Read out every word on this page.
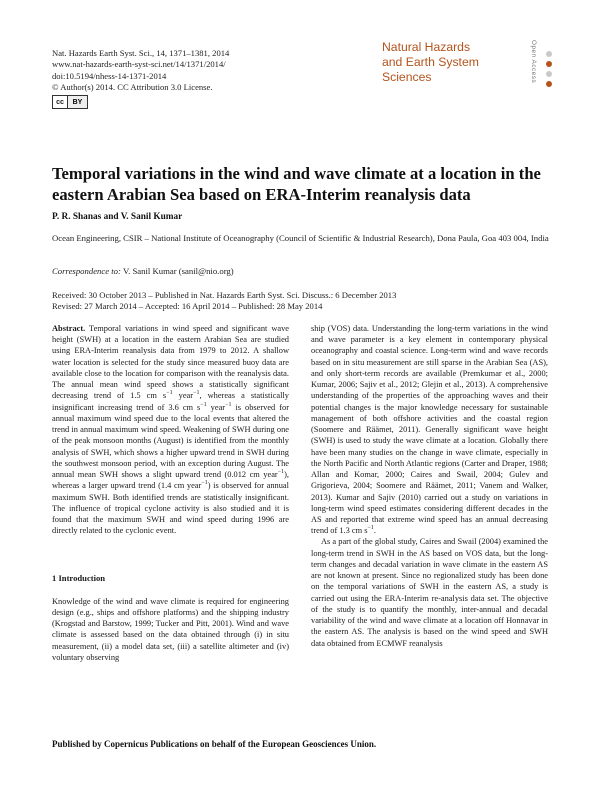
Nat. Hazards Earth Syst. Sci., 14, 1371–1381, 2014
www.nat-hazards-earth-syst-sci.net/14/1371/2014/
doi:10.5194/nhess-14-1371-2014
© Author(s) 2014. CC Attribution 3.0 License.
cc	BY
Natural Hazards
and Earth System
Sciences	Open Access
Temporal variations in the wind and wave climate at a location in the eastern Arabian Sea based on ERA-Interim reanalysis data
P. R. Shanas and V. Sanil Kumar
Ocean Engineering, CSIR – National Institute of Oceanography (Council of Scientific & Industrial Research), Dona Paula, Goa 403 004, India
Correspondence to: V. Sanil Kumar (sanil@nio.org)
Received: 30 October 2013 – Published in Nat. Hazards Earth Syst. Sci. Discuss.: 6 December 2013
Revised: 27 March 2014 – Accepted: 16 April 2014 – Published: 28 May 2014
Abstract. Temporal variations in wind speed and significant wave height (SWH) at a location in the eastern Arabian Sea are studied using ERA-Interim reanalysis data from 1979 to 2012. A shallow water location is selected for the study since measured buoy data are available close to the location for comparison with the reanalysis data. The annual mean wind speed shows a statistically significant decreasing trend of 1.5 cm $s^{-1}$ year$^{-1}$, whereas a statistically insignificant increasing trend of 3.6 cm $s^{-1}$ year$^{-1}$ is observed for annual maximum wind speed due to the local events that altered the trend in annual maximum wind speed. Weakening of SWH during one of the peak monsoon months (August) is identified from the monthly analysis of SWH, which shows a higher upward trend in SWH during the southwest monsoon period, with an exception during August. The annual mean SWH shows a slight upward trend (0.012 cm year$^{-1}$), whereas a larger upward trend (1.4 cm year$^{-1}$) is observed for annual maximum SWH. Both identified trends are statistically insignificant. The influence of tropical cyclone activity is also studied and it is found that the maximum SWH and wind speed during 1996 are directly related to the cyclonic event.
1 Introduction
Knowledge of the wind and wave climate is required for engineering design (e.g., ships and offshore platforms) and the shipping industry (Krogstad and Barstow, 1999; Tucker and Pitt, 2001). Wind and wave climate is assessed based on the data obtained through (i) in situ measurement, (ii) a model data set, (iii) a satellite altimeter and (iv) voluntary observing
ship (VOS) data. Understanding the long-term variations in the wind and wave parameter is a key element in contemporary physical oceanography and coastal science. Long-term wind and wave records based on in situ measurement are still sparse in the Arabian Sea (AS), and only short-term records are available (Premkumar et al., 2000; Kumar, 2006; Sajiv et al., 2012; Glejin et al., 2013). A comprehensive understanding of the properties of the approaching waves and their potential changes is the major knowledge necessary for sustainable management of both offshore activities and the coastal region (Soomere and Räämet, 2011). Generally significant wave height (SWH) is used to study the wave climate at a location. Globally there have been many studies on the change in wave climate, especially in the North Pacific and North Atlantic regions (Carter and Draper, 1988; Allan and Komar, 2000; Caires and Swail, 2004; Gulev and Grigorieva, 2004; Soomere and Räämet, 2011; Vanem and Walker, 2013). Kumar and Sajiv (2010) carried out a study on variations in long-term wind speed estimates considering different decades in the AS and reported that extreme wind speed has an annual decreasing trend of 1.3 cm $s^{-1}$.
As a part of the global study, Caires and Swail (2004) examined the long-term trend in SWH in the AS based on VOS data, but the long-term changes and decadal variation in wave climate in the eastern AS are not known at present. Since no regionalized study has been done on the temporal variations of SWH in the eastern AS, a study is carried out using the ERA-Interim re-analysis data set. The objective of the study is to quantify the monthly, inter-annual and decadal variability of the wind and wave climate at a location off Honnavar in the eastern AS. The analysis is based on the wind speed and SWH data obtained from ECMWF reanalysis
Published by Copernicus Publications on behalf of the European Geosciences Union.
